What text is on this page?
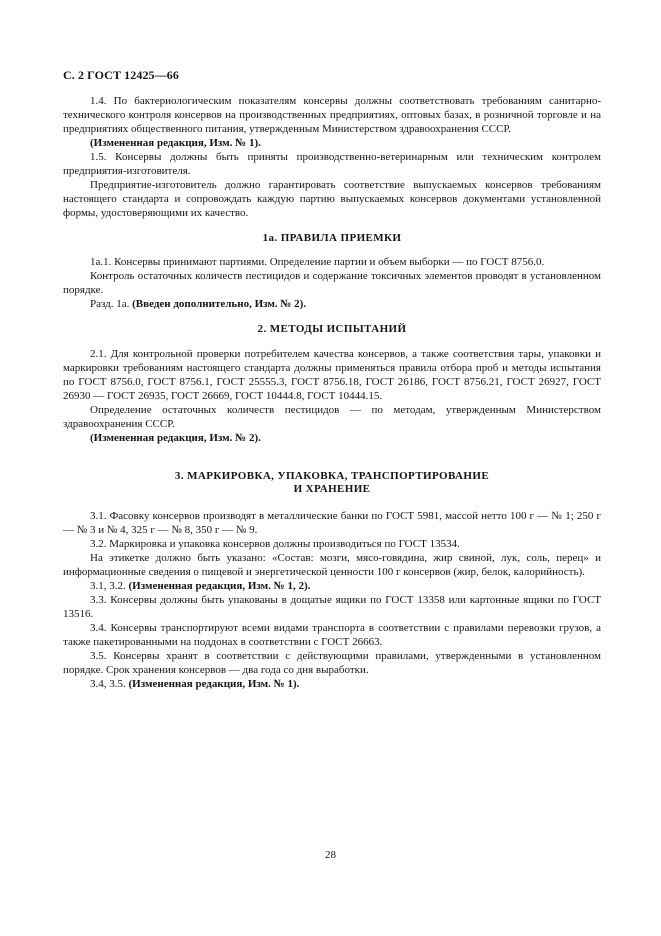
С. 2 ГОСТ 12425—66

1.4. По бактериологическим показателям консервы должны соответствовать требованиям санитарно-технического контроля консервов на производственных предприятиях, оптовых базах, в розничной торговле и на предприятиях общественного питания, утвержденным Министерством здравоохранения СССР.

(Измененная редакция, Изм. № 1).

1.5. Консервы должны быть приняты производственно-ветеринарным или техническим контролем предприятия-изготовителя.

Предприятие-изготовитель должно гарантировать соответствие выпускаемых консервов требованиям настоящего стандарта и сопровождать каждую партию выпускаемых консервов документами установленной формы, удостоверяющими их качество.

1а. ПРАВИЛА ПРИЕМКИ

1а.1. Консервы принимают партиями. Определение партии и объем выборки — по ГОСТ 8756.0.

Контроль остаточных количеств пестицидов и содержание токсичных элементов проводят в установленном порядке.

Разд. 1а. (Введен дополнительно, Изм. № 2).

2. МЕТОДЫ ИСПЫТАНИЙ

2.1. Для контрольной проверки потребителем качества консервов, а также соответствия тары, упаковки и маркировки требованиям настоящего стандарта должны применяться правила отбора проб и методы испытания по ГОСТ 8756.0, ГОСТ 8756.1, ГОСТ 25555.3, ГОСТ 8756.18, ГОСТ 26186, ГОСТ 8756.21, ГОСТ 26927, ГОСТ 26930 — ГОСТ 26935, ГОСТ 26669, ГОСТ 10444.8, ГОСТ 10444.15.

Определение остаточных количеств пестицидов — по методам, утвержденным Министерством здравоохранения СССР.

(Измененная редакция, Изм. № 2).

3. МАРКИРОВКА, УПАКОВКА, ТРАНСПОРТИРОВАНИЕ
И ХРАНЕНИЕ

3.1. Фасовку консервов производят в металлические банки по ГОСТ 5981, массой нетто 100 г — № 1; 250 г — № 3 и № 4, 325 г — № 8, 350 г — № 9.

3.2. Маркировка и упаковка консервов должны производиться по ГОСТ 13534.

На этикетке должно быть указано: «Состав: мозги, мясо-говядина, жир свиной, лук, соль, перец» и информационные сведения о пищевой и энергетической ценности 100 г консервов (жир, белок, калорийность).

3.1, 3.2. (Измененная редакция, Изм. № 1, 2).

3.3. Консервы должны быть упакованы в дощатые ящики по ГОСТ 13358 или картонные ящики по ГОСТ 13516.

3.4. Консервы транспортируют всеми видами транспорта в соответствии с правилами перевозки грузов, а также пакетированными на поддонах в соответствии с ГОСТ 26663.

3.5. Консервы хранят в соответствии с действующими правилами, утвержденными в установленном порядке. Срок хранения консервов — два года со дня выработки.

3.4, 3.5. (Измененная редакция, Изм. № 1).

28
